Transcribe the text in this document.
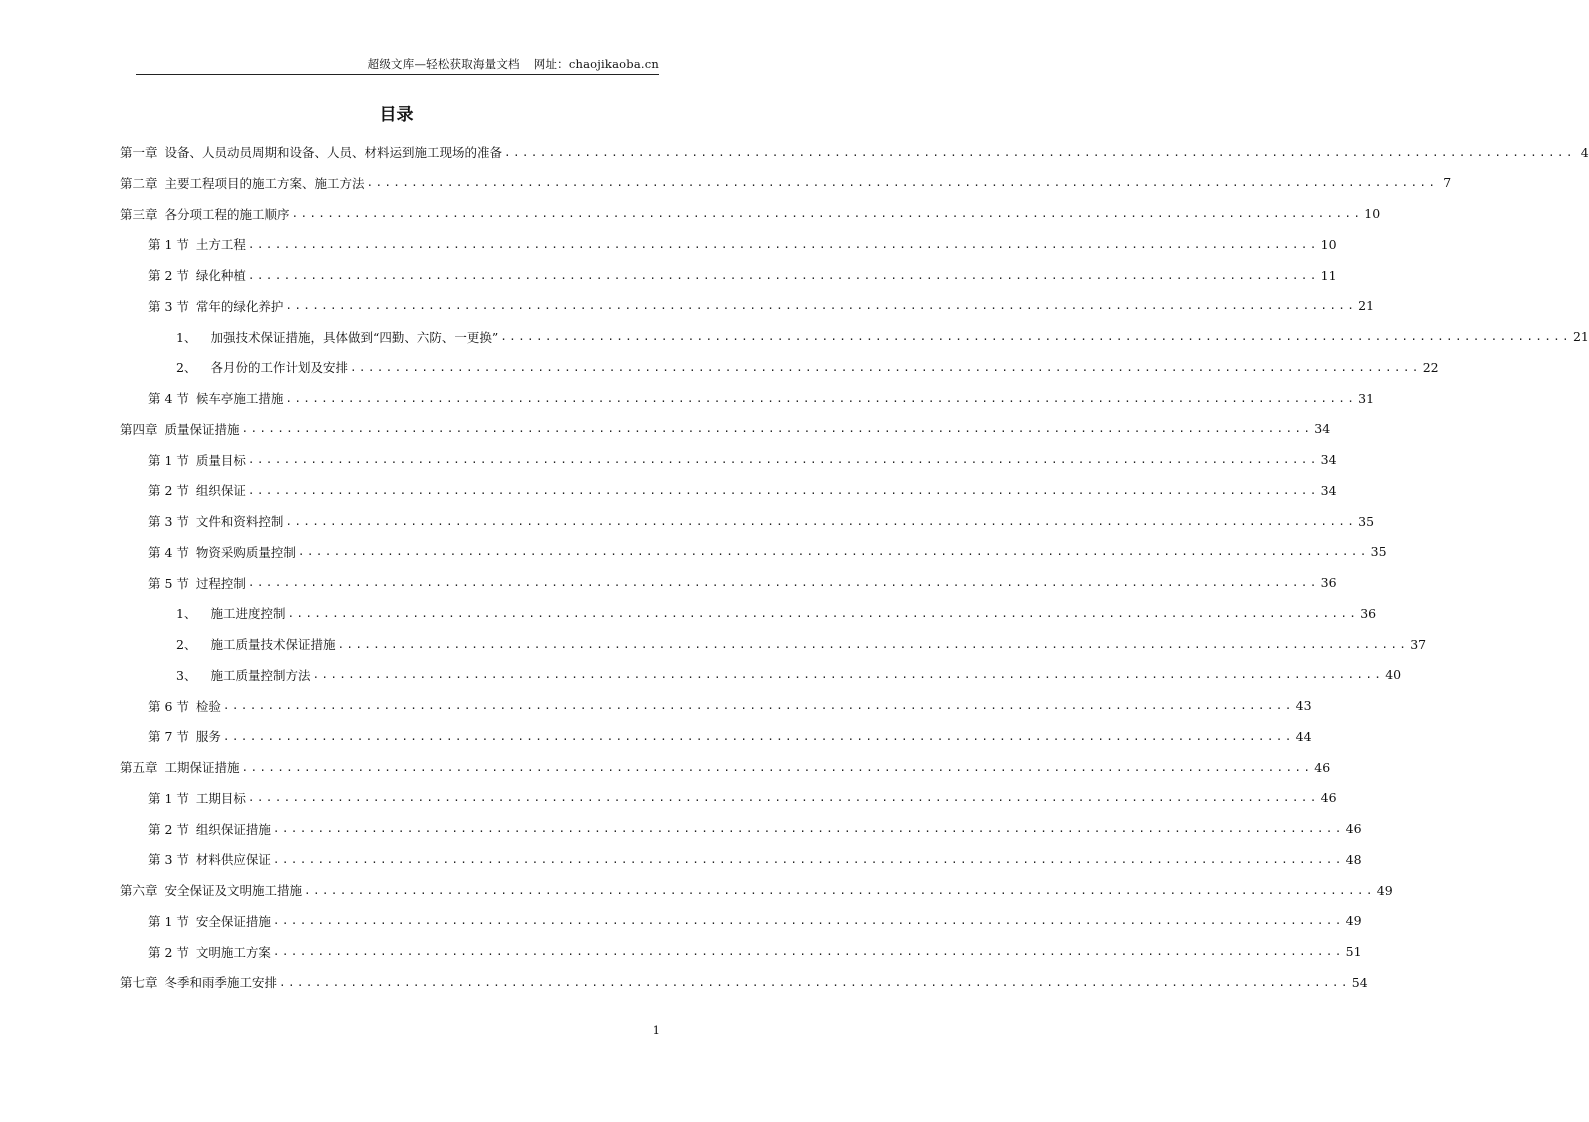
超级文库—轻松获取海量文档 网址：chaojikaoba.cn
目录
第一章 设备、人员动员周期和设备、人员、材料运到施工现场的准备 ........................................................................................................................ 4
第二章 主要工程项目的施工方案、施工方法 ........................................................................................................................ 7
第三章 各分项工程的施工顺序 ........................................................................................................................ 10
第 1 节 土方工程 ........................................................................................................................ 10
第 2 节 绿化种植 ........................................................................................................................ 11
第 3 节 常年的绿化养护 ........................................................................................................................ 21
1、 加强技术保证措施，具体做到“四勤、六防、一更换” ........................................................................................................................ 21
2、 各月份的工作计划及安排 ........................................................................................................................ 22
第 4 节 候车亭施工措施 ........................................................................................................................ 31
第四章 质量保证措施 ........................................................................................................................ 34
第 1 节 质量目标 ........................................................................................................................ 34
第 2 节 组织保证 ........................................................................................................................ 34
第 3 节 文件和资料控制 ........................................................................................................................ 35
第 4 节 物资采购质量控制 ........................................................................................................................ 35
第 5 节 过程控制 ........................................................................................................................ 36
1、 施工进度控制 ........................................................................................................................ 36
2、 施工质量技术保证措施 ........................................................................................................................ 37
3、 施工质量控制方法 ........................................................................................................................ 40
第 6 节 检验 ........................................................................................................................ 43
第 7 节 服务 ........................................................................................................................ 44
第五章 工期保证措施 ........................................................................................................................ 46
第 1 节 工期目标 ........................................................................................................................ 46
第 2 节 组织保证措施 ........................................................................................................................ 46
第 3 节 材料供应保证 ........................................................................................................................ 48
第六章 安全保证及文明施工措施 ........................................................................................................................ 49
第 1 节 安全保证措施 ........................................................................................................................ 49
第 2 节 文明施工方案 ........................................................................................................................ 51
第七章 冬季和雨季施工安排 ........................................................................................................................ 54
1
